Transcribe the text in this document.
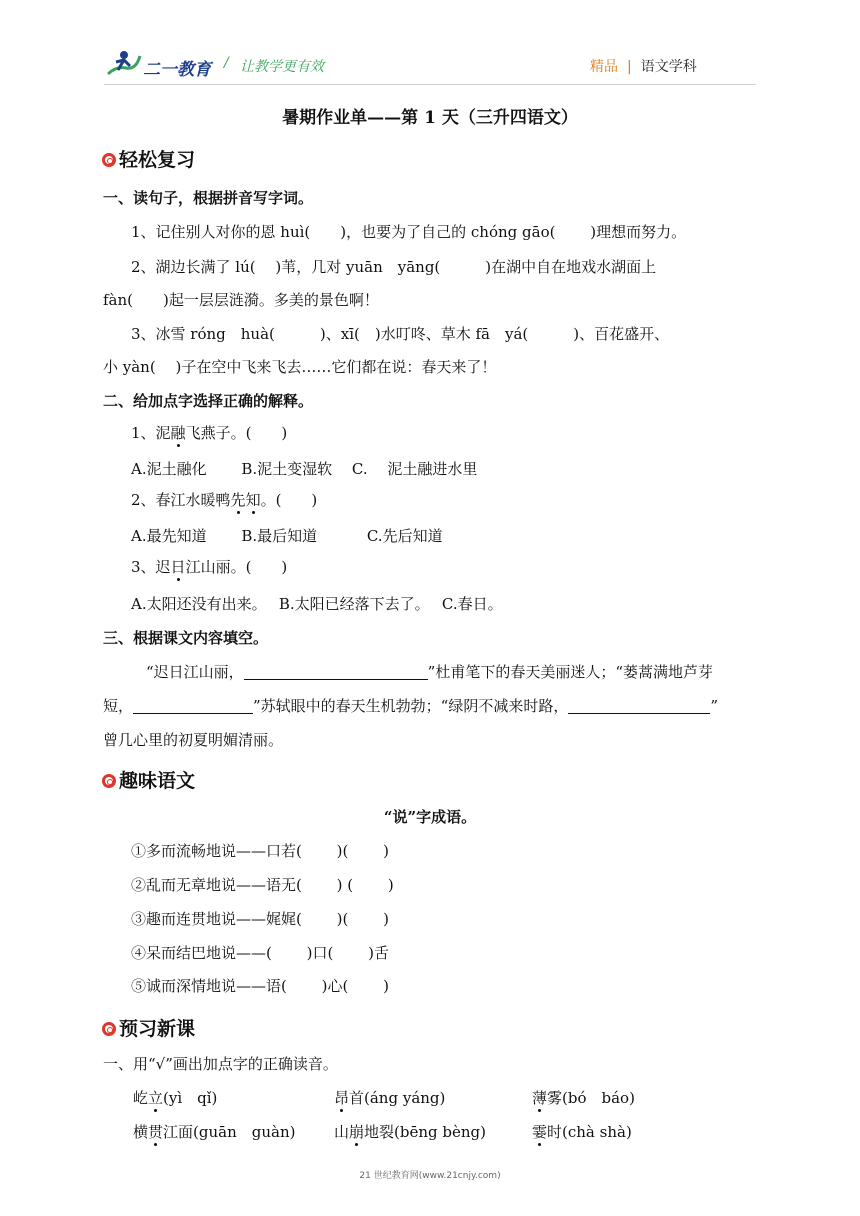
二一教育 / 让教学更有效	精品 | 语文学科
暑期作业单——第 1 天（三升四语文）
轻松复习
一、读句子，根据拼音写字词。
1、记住别人对你的恩 huì(　　)，也要为了自己的 chóng gāo(　　 )理想而努力。
2、湖边长满了 lú(　 )苇，几对 yuān　yāng(　　　)在湖中自在地戏水湖面上
fàn(　　)起一层层涟漪。多美的景色啊！
3、冰雪 róng　huà(　　　)、xī(　)水叮咚、草木 fā　yá(　　　)、百花盛开、
小 yàn(　 )子在空中飞来飞去……它们都在说：春天来了！
二、给加点字选择正确的解释。
1、泥融飞燕子。(　　)
A.泥土融化　　 B.泥土变湿软　 C.　 泥土融进水里
2、春江水暖鸭先知。(　　)
A.最先知道　　 B.最后知道　　　 C.先后知道
3、迟日江山丽。(　　)
A.太阳还没有出来。　 B.太阳已经落下去了。　 C.春日。
三、根据课文内容填空。
“迟日江山丽，	”杜甫笔下的春天美丽迷人；“蒌蒿满地芦芽
短，	”苏轼眼中的春天生机勃勃；“绿阴不减来时路，	”
曾几心里的初夏明媚清丽。
趣味语文
“说”字成语。
①多而流畅地说——口若(　　 )(　　 )
②乱而无章地说——语无(　　 ) (　　 )
③趣而连贯地说——娓娓(　　 )(　　 )
④呆而结巴地说——(　　 )口(　　 )舌
⑤诚而深情地说——语(　　 )心(　　 )
预习新课
一、用“√”画出加点字的正确读音。
屹立(yì　qǐ)	昂首(áng yáng)	薄雾(bó　báo)
横贯江面(guān　guàn)	山崩地裂(bēng bèng)	霎时(chà shà)
21 世纪教育网(www.21cnjy.com)
